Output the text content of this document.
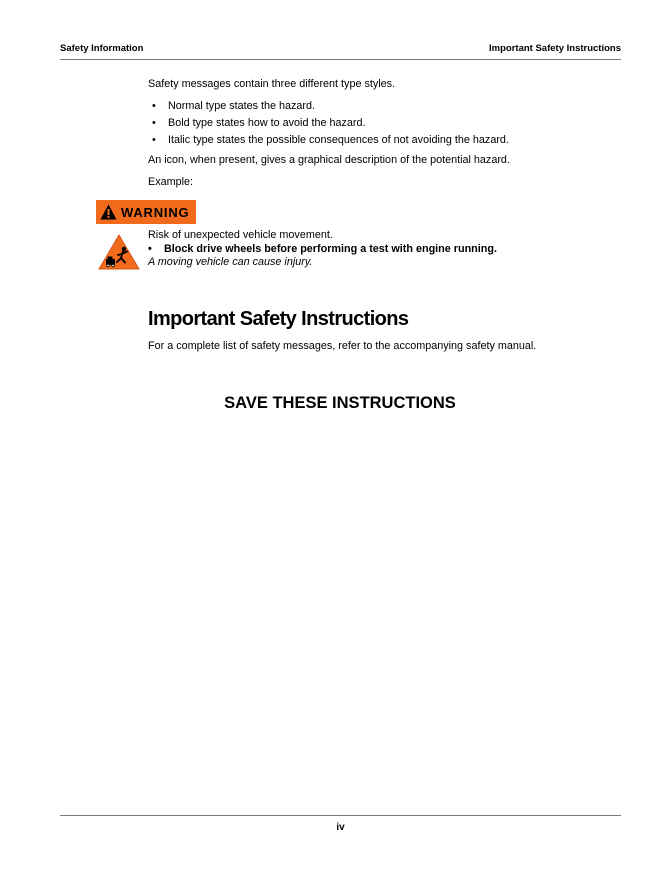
Safety Information	Important Safety Instructions

Safety messages contain three different type styles.

• Normal type states the hazard.
• Bold type states how to avoid the hazard.
• Italic type states the possible consequences of not avoiding the hazard.

An icon, when present, gives a graphical description of the potential hazard.

Example:

WARNING
Risk of unexpected vehicle movement.
• Block drive wheels before performing a test with engine running.
A moving vehicle can cause injury.
Important Safety Instructions
For a complete list of safety messages, refer to the accompanying safety manual.
SAVE THESE INSTRUCTIONS
iv
